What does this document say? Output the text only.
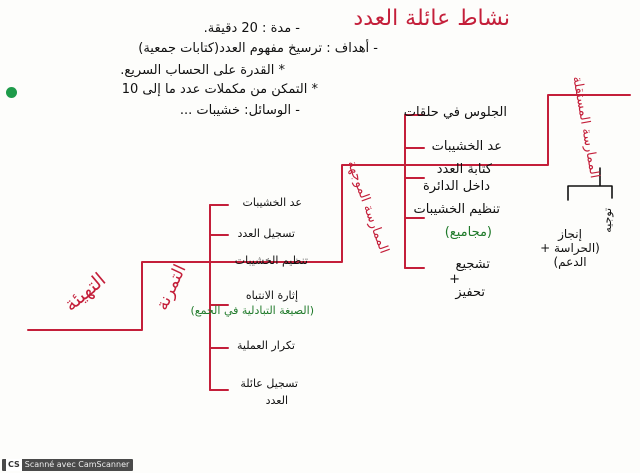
نشاط عائلة العدد
- مدة : 20 دقيقة.
- أهداف : ترسيخ مفهوم العدد(كتابات جمعية)
* القدرة على الحساب السريع.
* التمكن من مكملات عدد ما إلى 10
- الوسائل: خشيبات ...
التهيئة التمرنة
الممارسة الموجهة
الممارسة المستقلة
عد الخشيبات
تسجيل العدد
تنظيم الخشيبات
إثارة الانتباه
(الصيغة التبادلية في الجمع)
تكرار العملية
تسجيل عائلة
العدد
الجلوس في حلقات
عد الخشيبات
كتابة العدد
داخل الدائرة
تنظيم الخشيبات
(مجاميع)
تشجيع
+
تحفيز
إنجاز (الحراسة + الدعم)
توجيه
CS Scanné avec CamScanner
